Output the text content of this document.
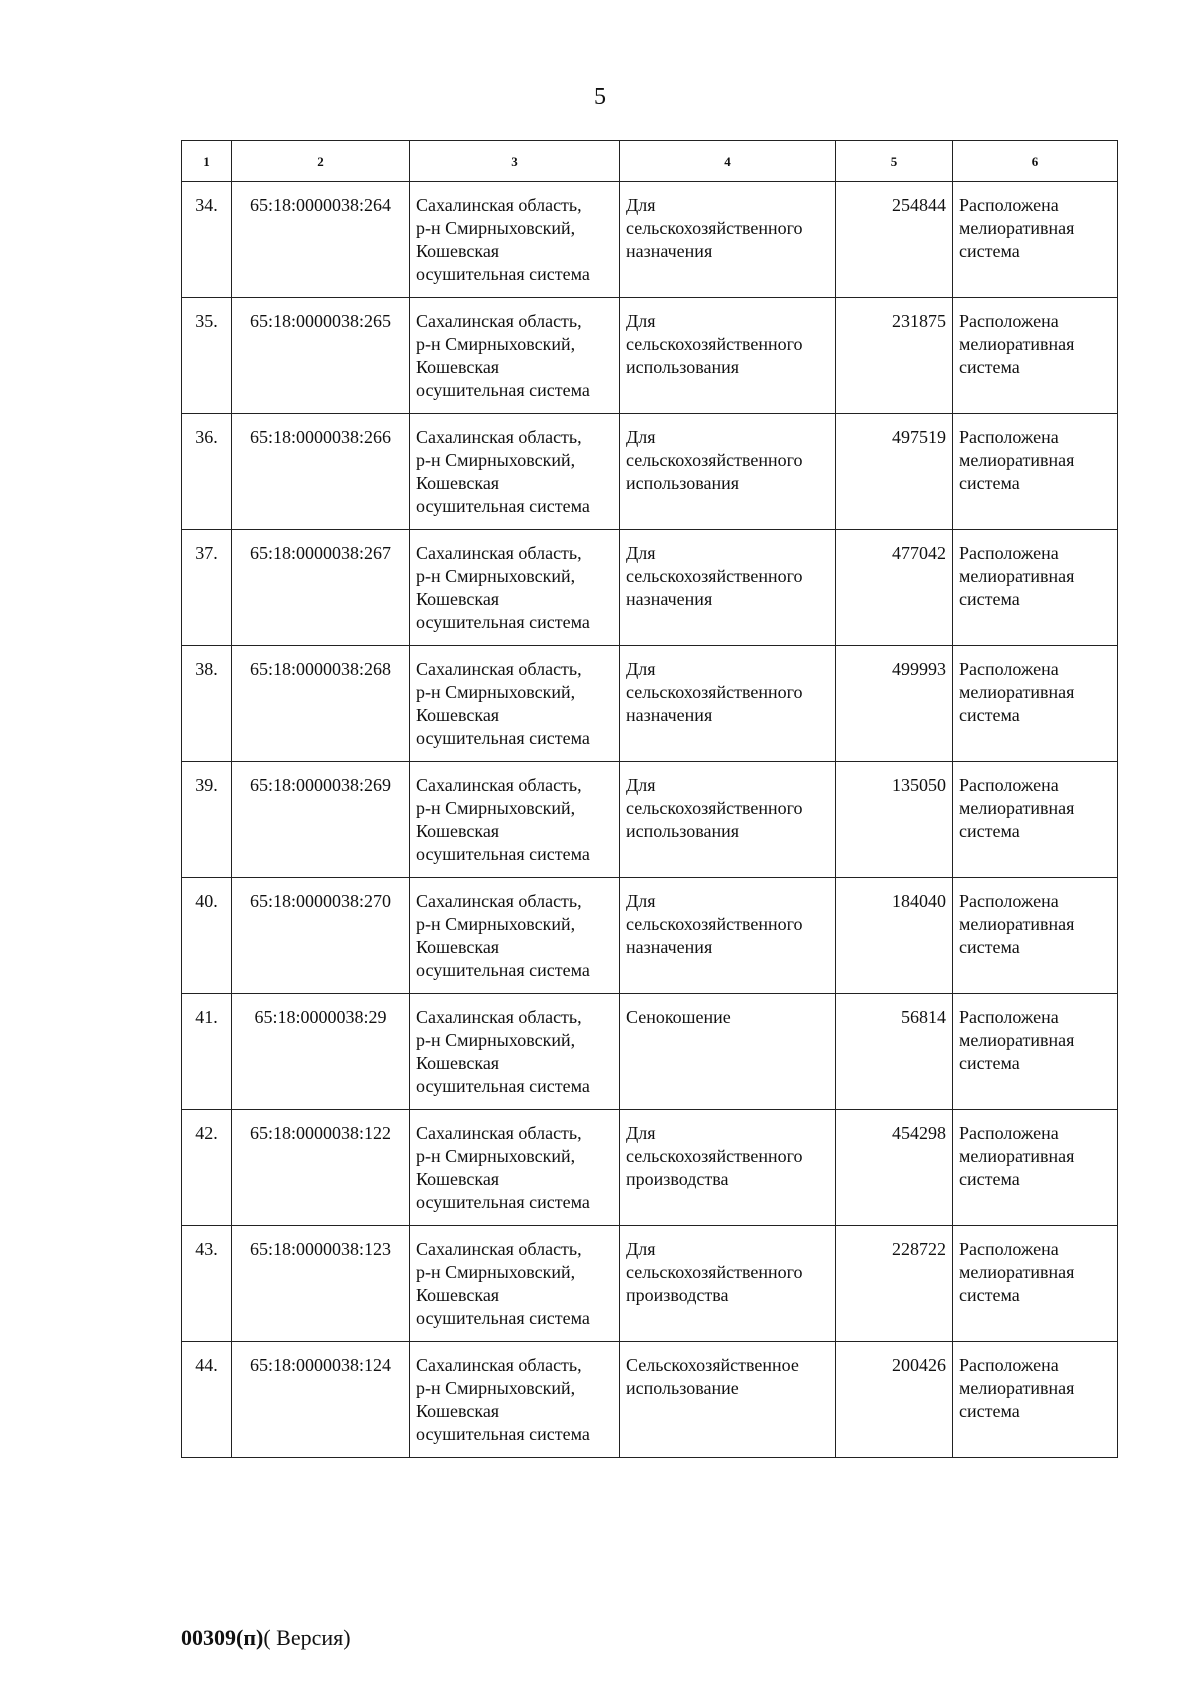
5
1	2	3	4	5	6
34.	65:18:0000038:264	Сахалинская область,
р-н Смирныховский,
Кошевская
осушительная система	Для
сельскохозяйственного
назначения	254844	Расположена
мелиоративная
система

35.	65:18:0000038:265	Сахалинская область,
р-н Смирныховский,
Кошевская
осушительная система	Для
сельскохозяйственного
использования	231875	Расположена
мелиоративная
система

36.	65:18:0000038:266	Сахалинская область,
р-н Смирныховский,
Кошевская
осушительная система	Для
сельскохозяйственного
использования	497519	Расположена
мелиоративная
система

37.	65:18:0000038:267	Сахалинская область,
р-н Смирныховский,
Кошевская
осушительная система	Для
сельскохозяйственного
назначения	477042	Расположена
мелиоративная
система

38.	65:18:0000038:268	Сахалинская область,
р-н Смирныховский,
Кошевская
осушительная система	Для
сельскохозяйственного
назначения	499993	Расположена
мелиоративная
система

39.	65:18:0000038:269	Сахалинская область,
р-н Смирныховский,
Кошевская
осушительная система	Для
сельскохозяйственного
использования	135050	Расположена
мелиоративная
система

40.	65:18:0000038:270	Сахалинская область,
р-н Смирныховский,
Кошевская
осушительная система	Для
сельскохозяйственного
назначения	184040	Расположена
мелиоративная
система

41.	65:18:0000038:29	Сахалинская область,
р-н Смирныховский,
Кошевская
осушительная система	Сенокошение	56814	Расположена
мелиоративная
система

42.	65:18:0000038:122	Сахалинская область,
р-н Смирныховский,
Кошевская
осушительная система	Для
сельскохозяйственного
производства	454298	Расположена
мелиоративная
система

43.	65:18:0000038:123	Сахалинская область,
р-н Смирныховский,
Кошевская
осушительная система	Для
сельскохозяйственного
производства	228722	Расположена
мелиоративная
система

44.	65:18:0000038:124	Сахалинская область,
р-н Смирныховский,
Кошевская
осушительная система	Сельскохозяйственное
использование	200426	Расположена
мелиоративная
система
00309(п)( Версия)
